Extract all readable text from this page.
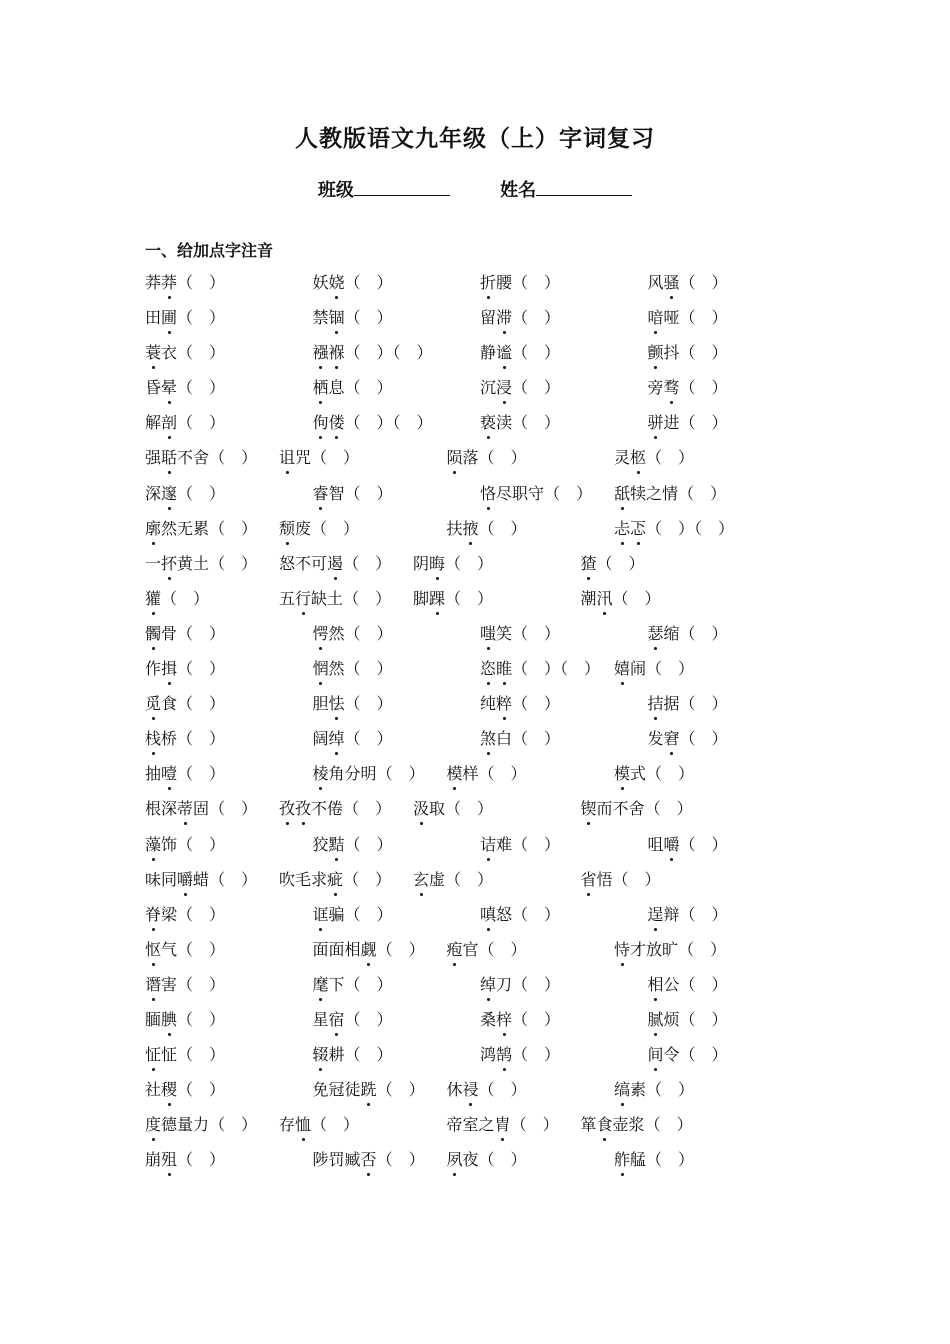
人教版语文九年级（上）字词复习
班级	姓名
一、给加点字注音
莽莽（　）	妖娆（　）	折腰（　）	风骚（　）
田圃（　）	禁锢（　）	留滞（　）	喑哑（　）
蓑衣（　）	襁褓（　）（　）	静谧（　）	颤抖（　）
昏晕（　）	栖息（　）	沉浸（　）	旁骛（　）
解剖（　）	佝偻（　）（　）	亵渎（　）	骈进（　）
强聒不舍（　） 诅咒（　）	陨落（　）	灵柩（　）
深邃（　）	睿智（　）	恪尽职守（　） 舐犊之情（　）
廓然无累（　） 颓废（　）	扶掖（　）	忐忑（　）（　）
一抔黄土（　） 怒不可遏（　） 阴晦（　）	猹（　）
獾（　）	五行缺土（　） 脚踝（　）	潮汛（　）
髑骨（　）	愕然（　）	嗤笑（　）	瑟缩（　）
作揖（　）	惘然（　）	恣睢（　）（　） 嬉闹（　）
觅食（　）	胆怯（　）	纯粹（　）	拮据（　）
栈桥（　）	阔绰（　）	煞白（　）	发窘（　）
抽噎（　）	棱角分明（　） 模样（　）	模式（　）
根深蒂固（　） 孜孜不倦（　） 汲取（　）	锲而不舍（　）
藻饰（　）	狡黠（　）	诘难（　）	咀嚼（　）
味同嚼蜡（　） 吹毛求疵（　） 玄虚（　）	省悟（　）
脊梁（　）	诓骗（　）	嗔怒（　）	逞辩（　）
怄气（　）	面面相觑（　） 疱官（　）	恃才放旷（　）
谮害（　）	麾下（　）	绰刀（　）	相公（　）
腼腆（　）	星宿（　）	桑梓（　）	腻烦（　）
怔怔（　）	辍耕（　）	鸿鹄（　）	间令（　）
社稷（　）	免冠徒跣（　） 休祲（　）	缟素（　）
度德量力（　） 存恤（　）	帝室之胄（　） 箪食壶浆（　）
崩殂（　）	陟罚臧否（　） 夙夜（　）	舴艋（　）
